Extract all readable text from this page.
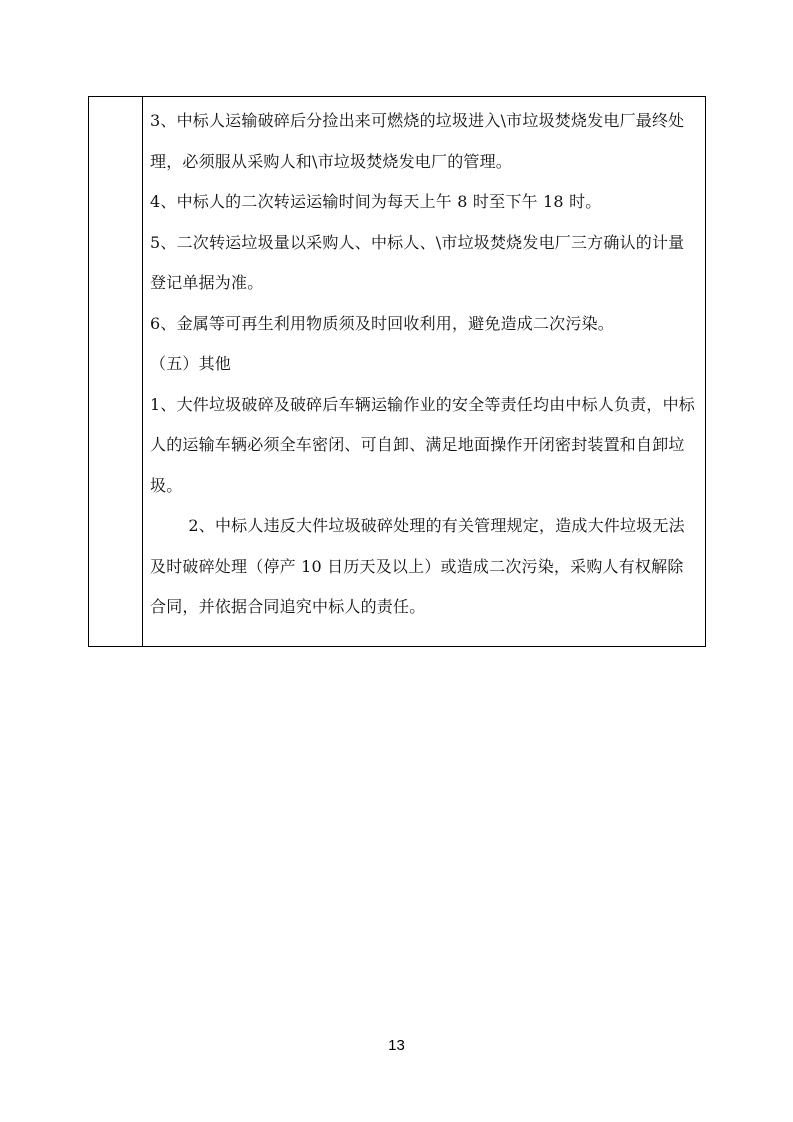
3、中标人运输破碎后分捡出来可燃烧的垃圾进入\市垃圾焚烧发电厂最终处理，必须服从采购人和\市垃圾焚烧发电厂的管理。

4、中标人的二次转运运输时间为每天上午 8 时至下午 18 时。

5、二次转运垃圾量以采购人、中标人、\市垃圾焚烧发电厂三方确认的计量登记单据为准。

6、金属等可再生利用物质须及时回收利用，避免造成二次污染。

（五）其他

1、大件垃圾破碎及破碎后车辆运输作业的安全等责任均由中标人负责，中标人的运输车辆必须全车密闭、可自卸、满足地面操作开闭密封装置和自卸垃圾。

2、中标人违反大件垃圾破碎处理的有关管理规定，造成大件垃圾无法及时破碎处理（停产 10 日历天及以上）或造成二次污染，采购人有权解除合同，并依据合同追究中标人的责任。

13
